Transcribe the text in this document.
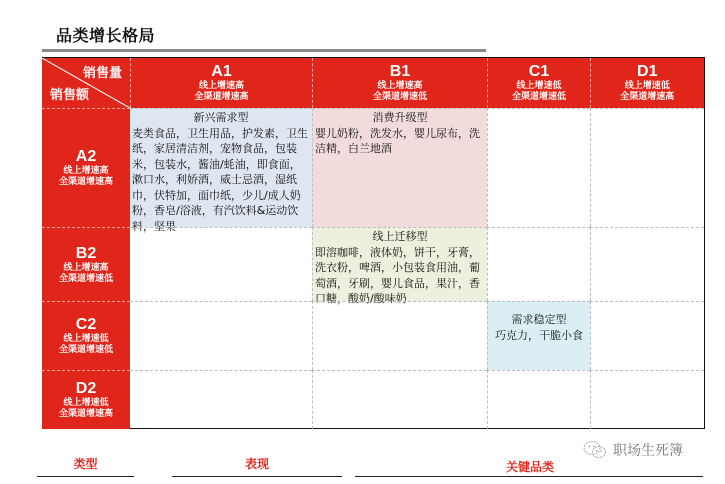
品类增长格局
销售量
销售额
A1
线上增速高
全渠道增速高
B1
线上增速高
全渠道增速低
C1
线上增速低
全渠道增速低
D1
线上增速低
全渠道增速高
A2
线上增速高
全渠道增速高
B2
线上增速高
全渠道增速低
C2
线上增速低
全渠道增速低
D2
线上增速低
全渠道增速高
新兴需求型
麦类食品，卫生用品，护发素，卫生纸，家居清洁剂，宠物食品，包装米，包装水，酱油/蚝油，即食面，漱口水，利娇酒，威士忌酒，湿纸巾，伏特加，面巾纸，少儿/成人奶粉，香皂/浴液，有汽饮料&运动饮料，坚果
消费升级型
婴儿奶粉，洗发水，婴儿尿布，洗洁精，白兰地酒
线上迁移型
即溶咖啡，液体奶，饼干，牙膏，洗衣粉，啤酒，小包装食用油，葡萄酒，牙刷，婴儿食品，果汁，香口糖，酸奶/酸味奶
需求稳定型
巧克力，干脆小食
类型	表现	关键品类
职场生死簿
